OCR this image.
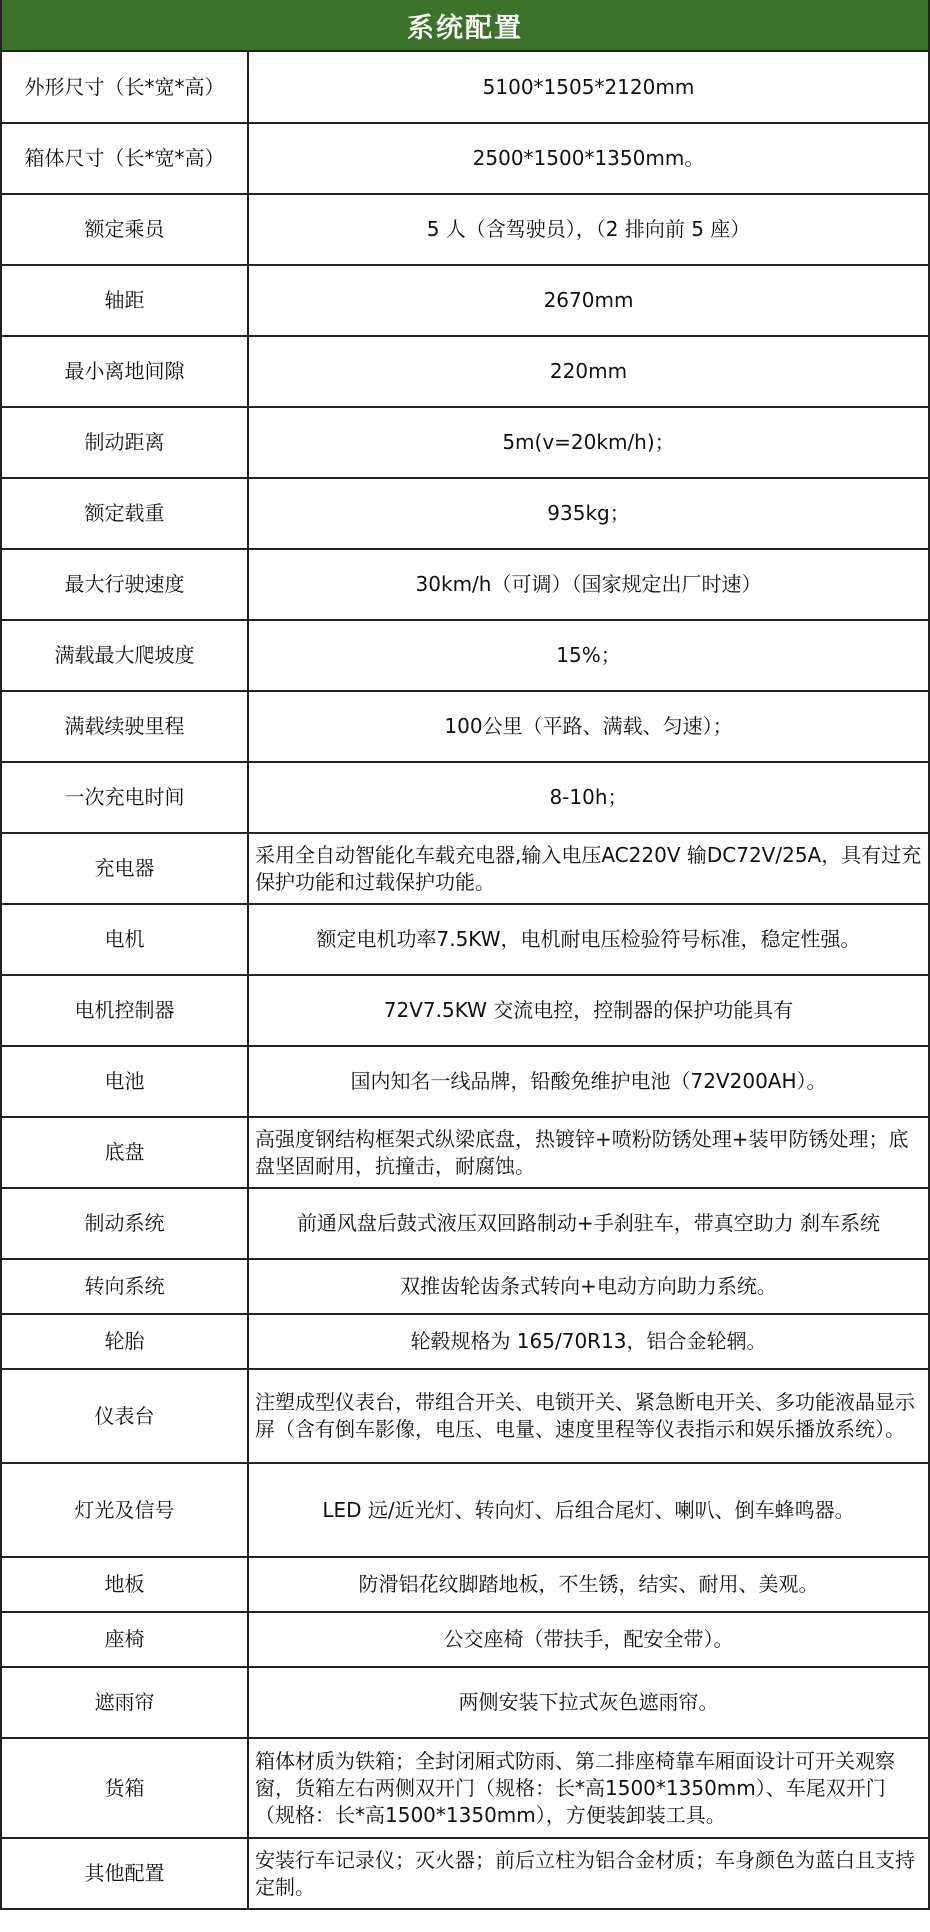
系统配置
外形尺寸（长*宽*高）	5100*1505*2120mm
箱体尺寸（长*宽*高）	2500*1500*1350mm。
额定乘员	5 人（含驾驶员），（2 排向前 5 座）
轴距	2670mm
最小离地间隙	220mm
制动距离	5m(v=20km/h)；
额定载重	935kg；
最大行驶速度	30km/h（可调）（国家规定出厂时速）
满载最大爬坡度	15%；
满载续驶里程	100公里（平路、满载、匀速）；
一次充电时间	8-10h；
充电器	采用全自动智能化车载充电器,输入电压AC220V 输DC72V/25A，具有过充保护功能和过载保护功能。
电机	额定电机功率7.5KW，电机耐电压检验符号标准，稳定性强。
电机控制器	72V7.5KW 交流电控，控制器的保护功能具有
电池	国内知名一线品牌，铅酸免维护电池（72V200AH）。
底盘	高强度钢结构框架式纵梁底盘，热镀锌+喷粉防锈处理+装甲防锈处理；底盘坚固耐用，抗撞击，耐腐蚀。
制动系统	前通风盘后鼓式液压双回路制动+手刹驻车，带真空助力 刹车系统
转向系统	双推齿轮齿条式转向+电动方向助力系统。
轮胎	轮毂规格为 165/70R13，铝合金轮辋。
仪表台	注塑成型仪表台，带组合开关、电锁开关、紧急断电开关、多功能液晶显示屏（含有倒车影像，电压、电量、速度里程等仪表指示和娱乐播放系统）。
灯光及信号	LED 远/近光灯、转向灯、后组合尾灯、喇叭、倒车蜂鸣器。
地板	防滑铝花纹脚踏地板，不生锈，结实、耐用、美观。
座椅	公交座椅（带扶手，配安全带）。
遮雨帘	两侧安装下拉式灰色遮雨帘。
货箱	箱体材质为铁箱；全封闭厢式防雨、第二排座椅靠车厢面设计可开关观察窗，货箱左右两侧双开门（规格：长*高1500*1350mm）、车尾双开门（规格：长*高1500*1350mm），方便装卸装工具。
其他配置	安装行车记录仪；灭火器；前后立柱为铝合金材质；车身颜色为蓝白且支持定制。
